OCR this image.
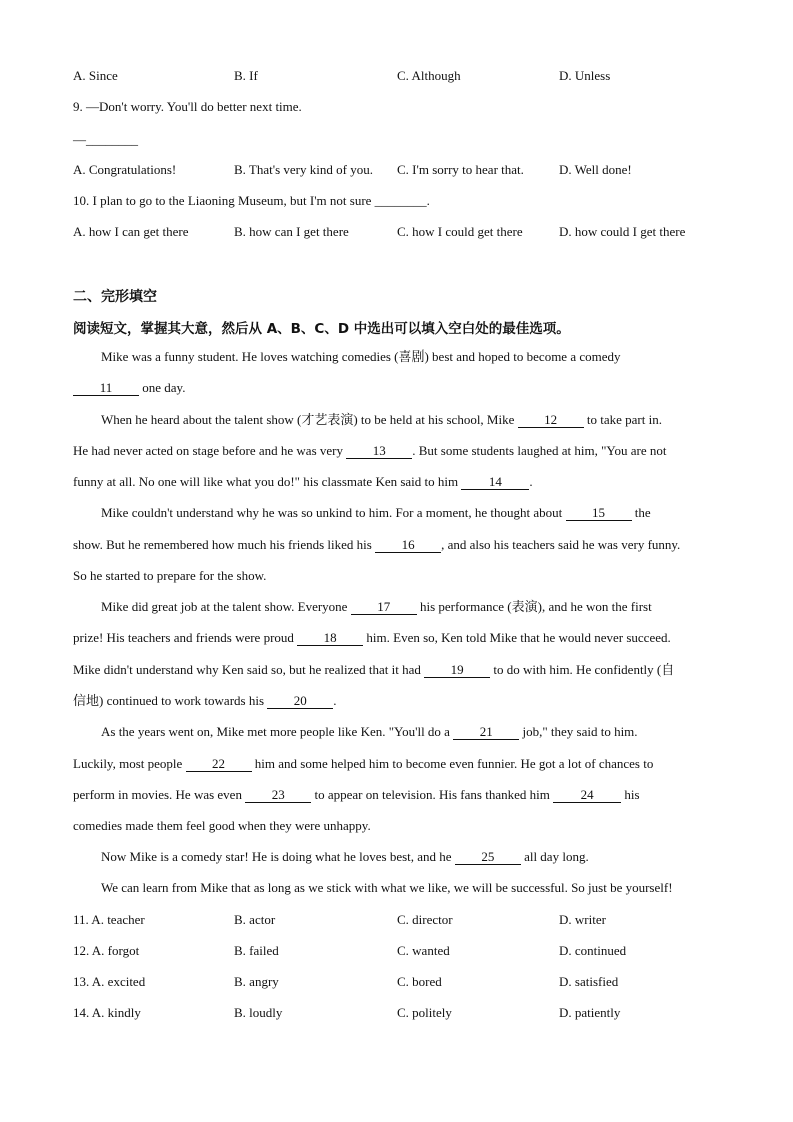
A. Since	B. If	C. Although	D. Unless
9. —Don't worry. You'll do better next time.
—________
A. Congratulations!	B. That's very kind of you. C. I'm sorry to hear that.	D. Well done!
10. I plan to go to the Liaoning Museum, but I'm not sure ________.
A. how I can get there	B. how can I get there	C. how I could get there	D. how could I get there
二、完形填空
阅读短文，掌握其大意，然后从 A、B、C、D 中选出可以填入空白处的最佳选项。
Mike was a funny student. He loves watching comedies (喜剧) best and hoped to become a comedy
11 one day.
When he heard about the talent show (才艺表演) to be held at his school, Mike 12 to take part in.
He had never acted on stage before and he was very 13 . But some students laughed at him, "You are not
funny at all. No one will like what you do!" his classmate Ken said to him 14 .
Mike couldn't understand why he was so unkind to him. For a moment, he thought about 15 the
show. But he remembered how much his friends liked his 16 , and also his teachers said he was very funny.
So he started to prepare for the show.
Mike did great job at the talent show. Everyone 17 his performance (表演), and he won the first
prize! His teachers and friends were proud 18 him. Even so, Ken told Mike that he would never succeed.
Mike didn't understand why Ken said so, but he realized that it had 19 to do with him. He confidently (自
信地) continued to work towards his 20 .
As the years went on, Mike met more people like Ken. "You'll do a 21 job," they said to him.
Luckily, most people 22 him and some helped him to become even funnier. He got a lot of chances to
perform in movies. He was even 23 to appear on television. His fans thanked him 24 his
comedies made them feel good when they were unhappy.
Now Mike is a comedy star! He is doing what he loves best, and he 25 all day long.
We can learn from Mike that as long as we stick with what we like, we will be successful. So just be yourself!
11. A. teacher	B. actor	C. director	D. writer
12. A. forgot	B. failed	C. wanted	D. continued
13. A. excited	B. angry	C. bored	D. satisfied
14. A. kindly	B. loudly	C. politely	D. patiently
